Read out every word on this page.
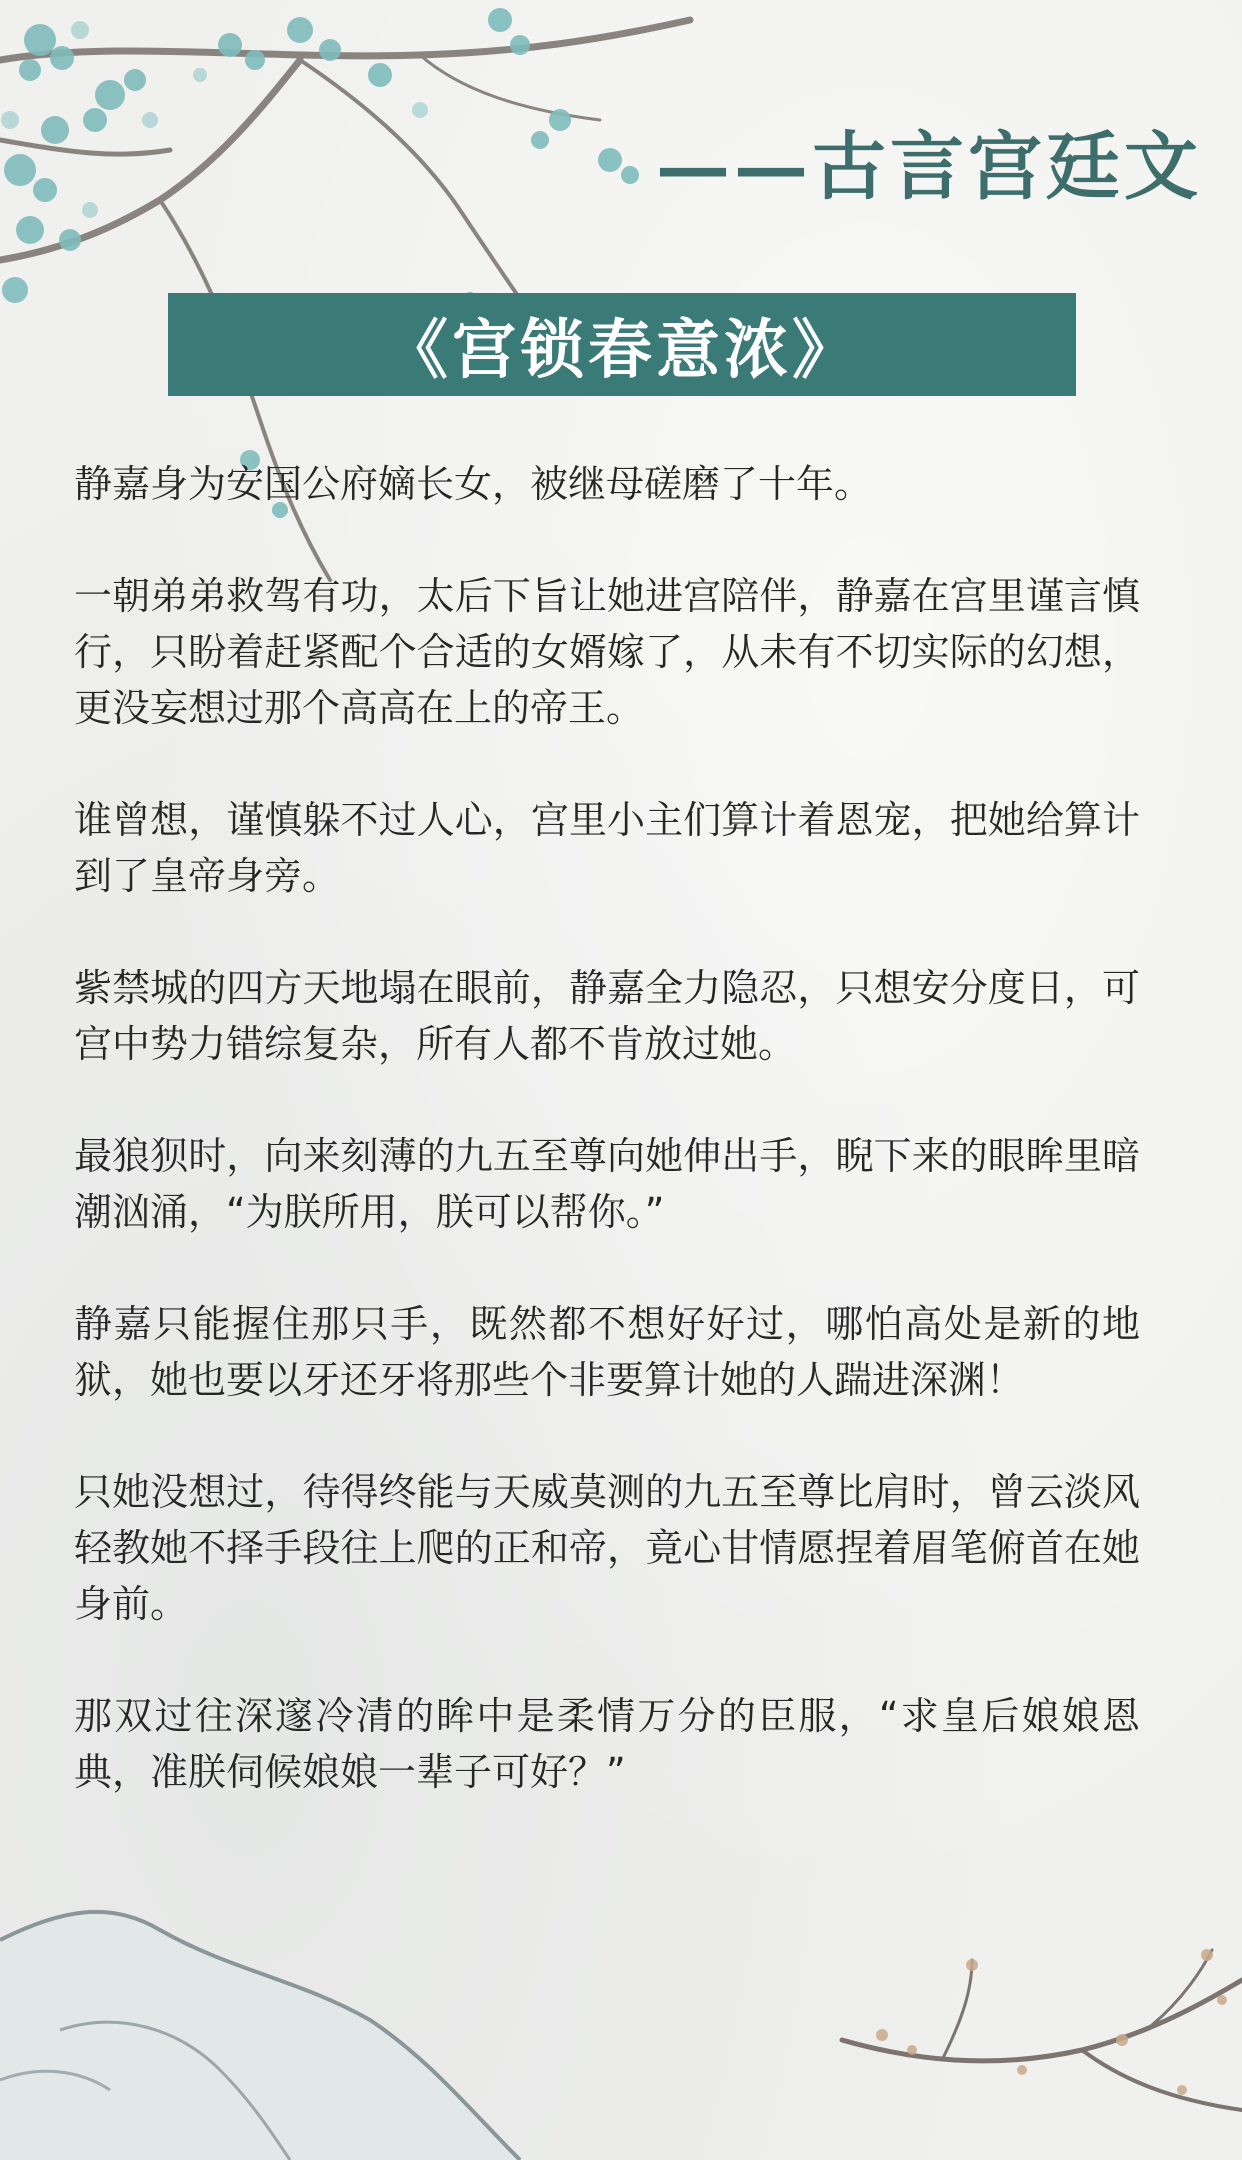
——古言宫廷文
《宫锁春意浓》

静嘉身为安国公府嫡长女，被继母磋磨了十年。

一朝弟弟救驾有功，太后下旨让她进宫陪伴，静嘉在宫里谨言慎行，只盼着赶紧配个合适的女婿嫁了，从未有不切实际的幻想，更没妄想过那个高高在上的帝王。

谁曾想，谨慎躲不过人心，宫里小主们算计着恩宠，把她给算计到了皇帝身旁。

紫禁城的四方天地塌在眼前，静嘉全力隐忍，只想安分度日，可宫中势力错综复杂，所有人都不肯放过她。

最狼狈时，向来刻薄的九五至尊向她伸出手，睨下来的眼眸里暗潮汹涌，“为朕所用，朕可以帮你。”

静嘉只能握住那只手，既然都不想好好过，哪怕高处是新的地狱，她也要以牙还牙将那些个非要算计她的人踹进深渊！

只她没想过，待得终能与天威莫测的九五至尊比肩时，曾云淡风轻教她不择手段往上爬的正和帝，竟心甘情愿捏着眉笔俯首在她身前。

那双过往深邃冷清的眸中是柔情万分的臣服，“求皇后娘娘恩典，准朕伺候娘娘一辈子可好？”
